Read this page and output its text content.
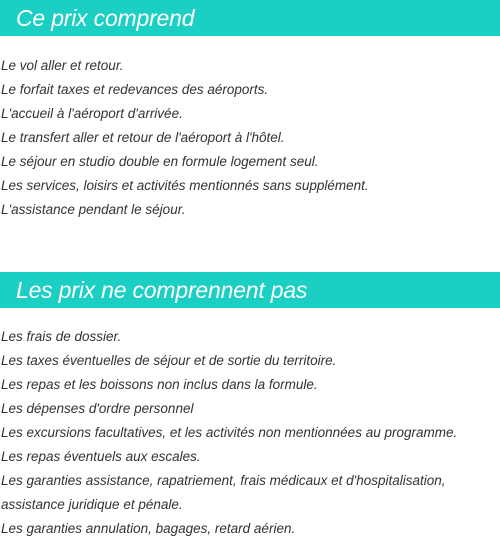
Ce prix comprend
Le vol aller et retour.
Le forfait taxes et redevances des aéroports.
L'accueil à l'aéroport d'arrivée.
Le transfert aller et retour de l'aéroport à l'hôtel.
Le séjour en studio double en formule logement seul.
Les services, loisirs et activités mentionnés sans supplément.
L'assistance pendant le séjour.
Les prix ne comprennent pas
Les frais de dossier.
Les taxes éventuelles de séjour et de sortie du territoire.
Les repas et les boissons non inclus dans la formule.
Les dépenses d'ordre personnel
Les excursions facultatives, et les activités non mentionnées au programme.
Les repas éventuels aux escales.
Les garanties assistance, rapatriement, frais médicaux et d'hospitalisation, assistance juridique et pénale.
Les garanties annulation, bagages, retard aérien.
